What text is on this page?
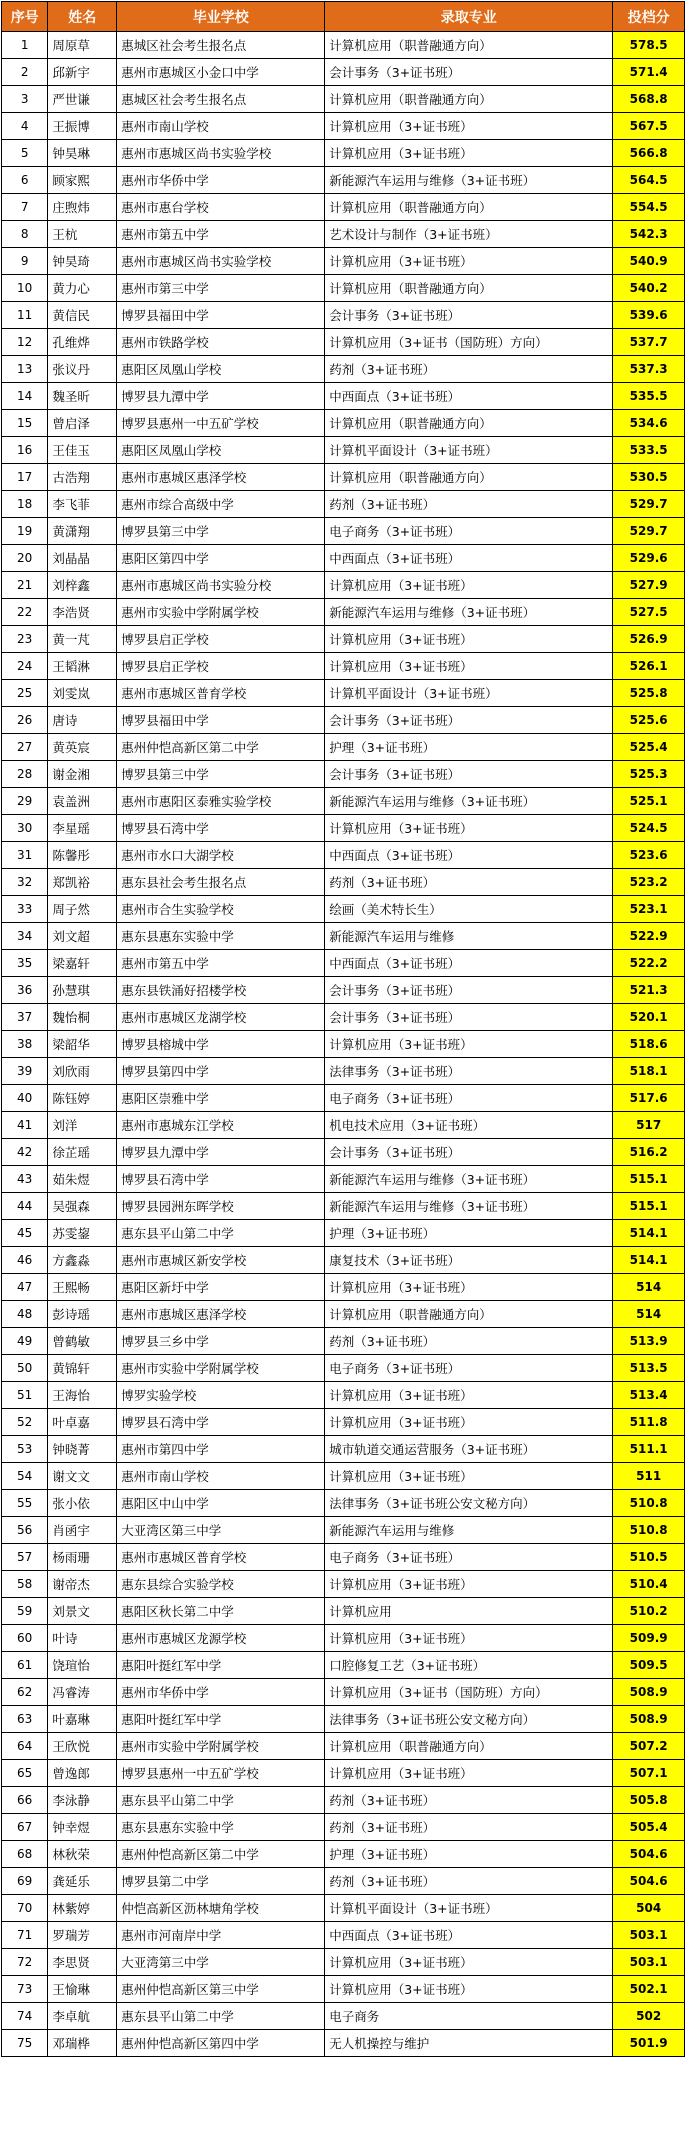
序号	姓名	毕业学校	录取专业	投档分
1	周原草	惠城区社会考生报名点	计算机应用（职普融通方向）	578.5
2	邱新宇	惠州市惠城区小金口中学	会计事务（3+证书班）	571.4
3	严世谦	惠城区社会考生报名点	计算机应用（职普融通方向）	568.8
4	王振博	惠州市南山学校	计算机应用（3+证书班）	567.5
5	钟昊琳	惠州市惠城区尚书实验学校	计算机应用（3+证书班）	566.8
6	顾家熙	惠州市华侨中学	新能源汽车运用与维修（3+证书班）	564.5
7	庄煦炜	惠州市惠台学校	计算机应用（职普融通方向）	554.5
8	王杭	惠州市第五中学	艺术设计与制作（3+证书班）	542.3
9	钟昊琦	惠州市惠城区尚书实验学校	计算机应用（3+证书班）	540.9
10	黄力心	惠州市第三中学	计算机应用（职普融通方向）	540.2
11	黄信民	博罗县福田中学	会计事务（3+证书班）	539.6
12	孔维烨	惠州市铁路学校	计算机应用（3+证书（国防班）方向）	537.7
13	张议丹	惠阳区凤凰山学校	药剂（3+证书班）	537.3
14	魏圣昕	博罗县九潭中学	中西面点（3+证书班）	535.5
15	曾启泽	博罗县惠州一中五矿学校	计算机应用（职普融通方向）	534.6
16	王佳玉	惠阳区凤凰山学校	计算机平面设计（3+证书班）	533.5
17	古浩翔	惠州市惠城区惠泽学校	计算机应用（职普融通方向）	530.5
18	李飞菲	惠州市综合高级中学	药剂（3+证书班）	529.7
19	黄潇翔	博罗县第三中学	电子商务（3+证书班）	529.7
20	刘晶晶	惠阳区第四中学	中西面点（3+证书班）	529.6
21	刘梓鑫	惠州市惠城区尚书实验分校	计算机应用（3+证书班）	527.9
22	李浩贤	惠州市实验中学附属学校	新能源汽车运用与维修（3+证书班）	527.5
23	黄一芃	博罗县启正学校	计算机应用（3+证书班）	526.9
24	王韬淋	博罗县启正学校	计算机应用（3+证书班）	526.1
25	刘雯岚	惠州市惠城区普育学校	计算机平面设计（3+证书班）	525.8
26	唐诗	博罗县福田中学	会计事务（3+证书班）	525.6
27	黄英宸	惠州仲恺高新区第二中学	护理（3+证书班）	525.4
28	谢金湘	博罗县第三中学	会计事务（3+证书班）	525.3
29	袁盖洲	惠州市惠阳区泰雅实验学校	新能源汽车运用与维修（3+证书班）	525.1
30	李星瑶	博罗县石湾中学	计算机应用（3+证书班）	524.5
31	陈馨彤	惠州市水口大湖学校	中西面点（3+证书班）	523.6
32	郑凯裕	惠东县社会考生报名点	药剂（3+证书班）	523.2
33	周子然	惠州市合生实验学校	绘画（美术特长生）	523.1
34	刘文超	惠东县惠东实验中学	新能源汽车运用与维修	522.9
35	梁嘉轩	惠州市第五中学	中西面点（3+证书班）	522.2
36	孙慧琪	惠东县铁涌好招楼学校	会计事务（3+证书班）	521.3
37	魏怡桐	惠州市惠城区龙湖学校	会计事务（3+证书班）	520.1
38	梁韶华	博罗县榕城中学	计算机应用（3+证书班）	518.6
39	刘欣雨	博罗县第四中学	法律事务（3+证书班）	518.1
40	陈钰婷	惠阳区崇雅中学	电子商务（3+证书班）	517.6
41	刘洋	惠州市惠城东江学校	机电技术应用（3+证书班）	517
42	徐芷瑶	博罗县九潭中学	会计事务（3+证书班）	516.2
43	茹朱煜	博罗县石湾中学	新能源汽车运用与维修（3+证书班）	515.1
44	吴强森	博罗县园洲东晖学校	新能源汽车运用与维修（3+证书班）	515.1
45	苏雯鋆	惠东县平山第二中学	护理（3+证书班）	514.1
46	方鑫淼	惠州市惠城区新安学校	康复技术（3+证书班）	514.1
47	王熙畅	惠阳区新圩中学	计算机应用（3+证书班）	514
48	彭诗瑶	惠州市惠城区惠泽学校	计算机应用（职普融通方向）	514
49	曾鹤敏	博罗县三乡中学	药剂（3+证书班）	513.9
50	黄锦轩	惠州市实验中学附属学校	电子商务（3+证书班）	513.5
51	王海怡	博罗实验学校	计算机应用（3+证书班）	513.4
52	叶卓嘉	博罗县石湾中学	计算机应用（3+证书班）	511.8
53	钟晓菁	惠州市第四中学	城市轨道交通运营服务（3+证书班）	511.1
54	谢文文	惠州市南山学校	计算机应用（3+证书班）	511
55	张小依	惠阳区中山中学	法律事务（3+证书班公安文秘方向）	510.8
56	肖函宇	大亚湾区第三中学	新能源汽车运用与维修	510.8
57	杨雨珊	惠州市惠城区普育学校	电子商务（3+证书班）	510.5
58	谢帝杰	惠东县综合实验学校	计算机应用（3+证书班）	510.4
59	刘景文	惠阳区秋长第二中学	计算机应用	510.2
60	叶诗	惠州市惠城区龙源学校	计算机应用（3+证书班）	509.9
61	饶瑄怡	惠阳叶挺红军中学	口腔修复工艺（3+证书班）	509.5
62	冯睿涛	惠州市华侨中学	计算机应用（3+证书（国防班）方向）	508.9
63	叶嘉琳	惠阳叶挺红军中学	法律事务（3+证书班公安文秘方向）	508.9
64	王欣悦	惠州市实验中学附属学校	计算机应用（职普融通方向）	507.2
65	曾逸郎	博罗县惠州一中五矿学校	计算机应用（3+证书班）	507.1
66	李泳静	惠东县平山第二中学	药剂（3+证书班）	505.8
67	钟幸煜	惠东县惠东实验中学	药剂（3+证书班）	505.4
68	林秋荣	惠州仲恺高新区第二中学	护理（3+证书班）	504.6
69	龚延乐	博罗县第二中学	药剂（3+证书班）	504.6
70	林紫婷	仲恺高新区沥林塘角学校	计算机平面设计（3+证书班）	504
71	罗瑞芳	惠州市河南岸中学	中西面点（3+证书班）	503.1
72	李思贤	大亚湾第三中学	计算机应用（3+证书班）	503.1
73	王愉琳	惠州仲恺高新区第三中学	计算机应用（3+证书班）	502.1
74	李卓航	惠东县平山第二中学	电子商务	502
75	邓瑞桦	惠州仲恺高新区第四中学	无人机操控与维护	501.9
